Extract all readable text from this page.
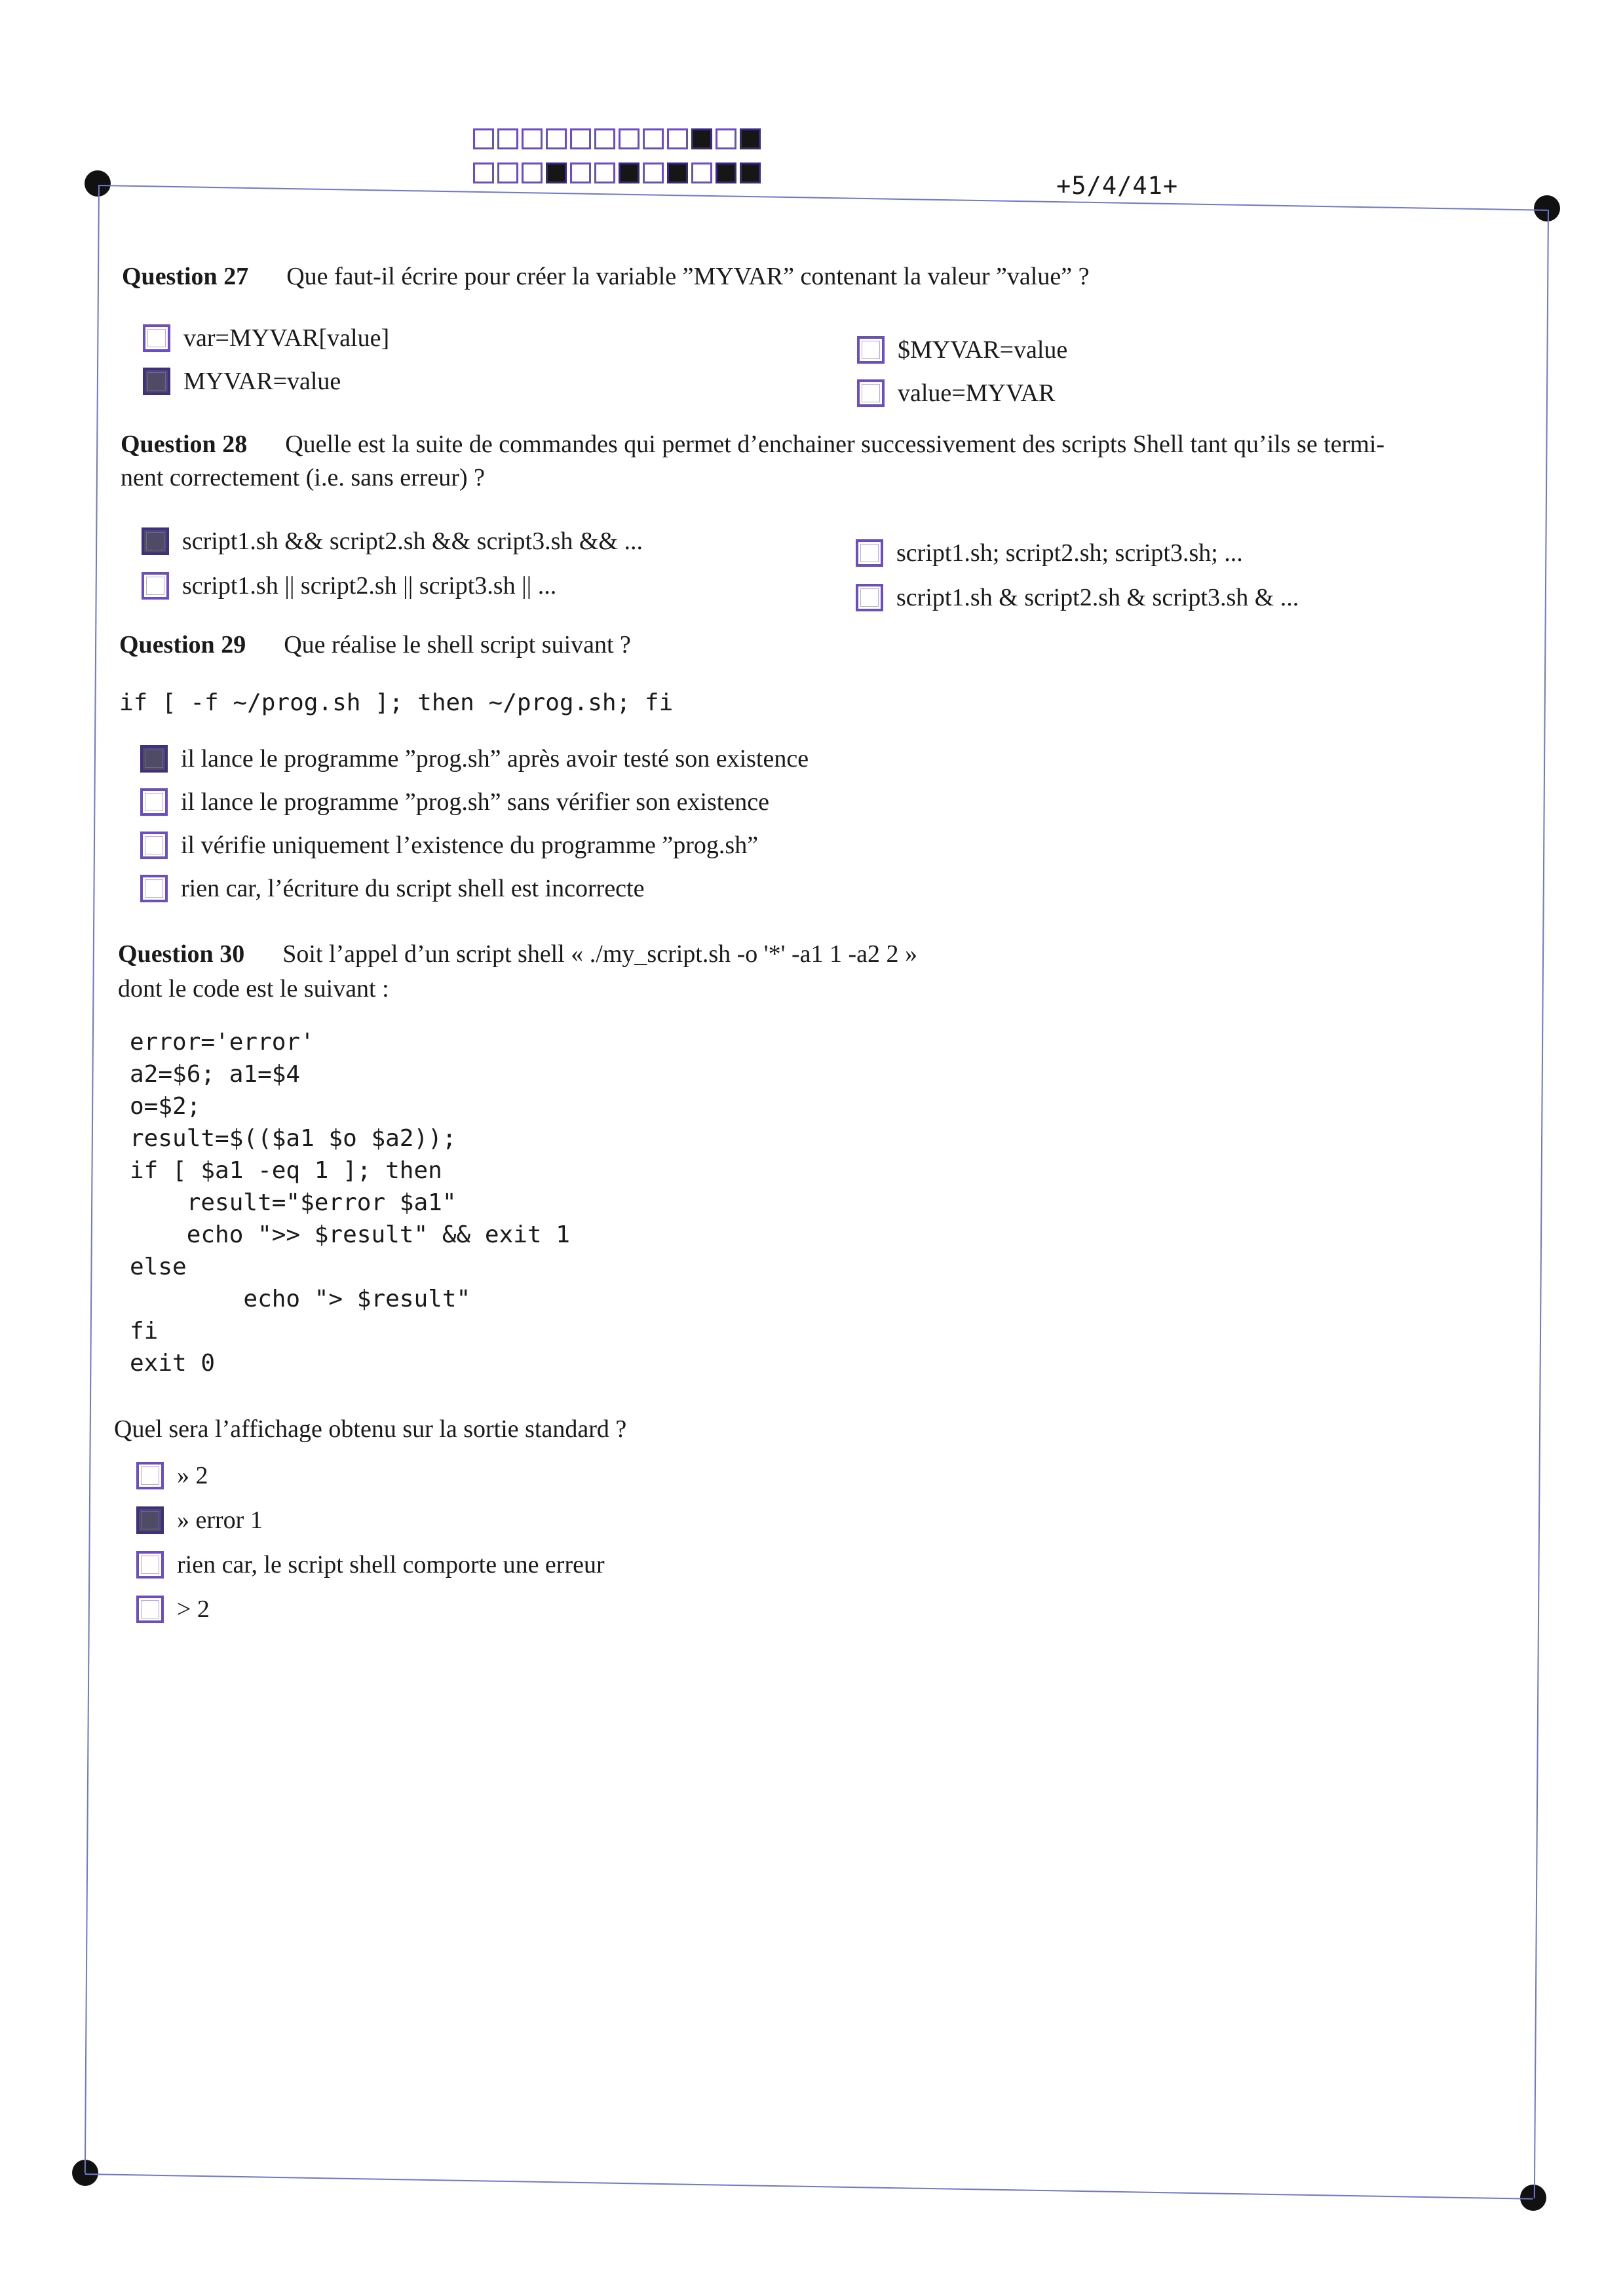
+5/4/41+
Question 27 Que faut-il écrire pour créer la variable ”MYVAR” contenant la valeur ”value” ?
var=MYVAR[value]
MYVAR=value
$MYVAR=value
value=MYVAR
Question 28 Quelle est la suite de commandes qui permet d’enchainer successivement des scripts Shell tant qu’ils se termi-
nent correctement (i.e. sans erreur) ?
script1.sh && script2.sh && script3.sh && ...
script1.sh || script2.sh || script3.sh || ...
script1.sh; script2.sh; script3.sh; ...
script1.sh & script2.sh & script3.sh & ...
Question 29 Que réalise le shell script suivant ?
if [ -f ~/prog.sh ]; then ~/prog.sh; fi
il lance le programme ”prog.sh” après avoir testé son existence
il lance le programme ”prog.sh” sans vérifier son existence
il vérifie uniquement l’existence du programme ”prog.sh”
rien car, l’écriture du script shell est incorrecte
Question 30 Soit l’appel d’un script shell « ./my_script.sh -o '*' -a1 1 -a2 2 »
dont le code est le suivant :
error='error'
a2=$6; a1=$4
o=$2;
result=$(($a1 $o $a2));
if [ $a1 -eq 1 ]; then
result="$error $a1"
echo ">> $result" && exit 1
else
echo "> $result"
fi
exit 0
Quel sera l’affichage obtenu sur la sortie standard ?
» 2
» error 1
rien car, le script shell comporte une erreur
> 2
